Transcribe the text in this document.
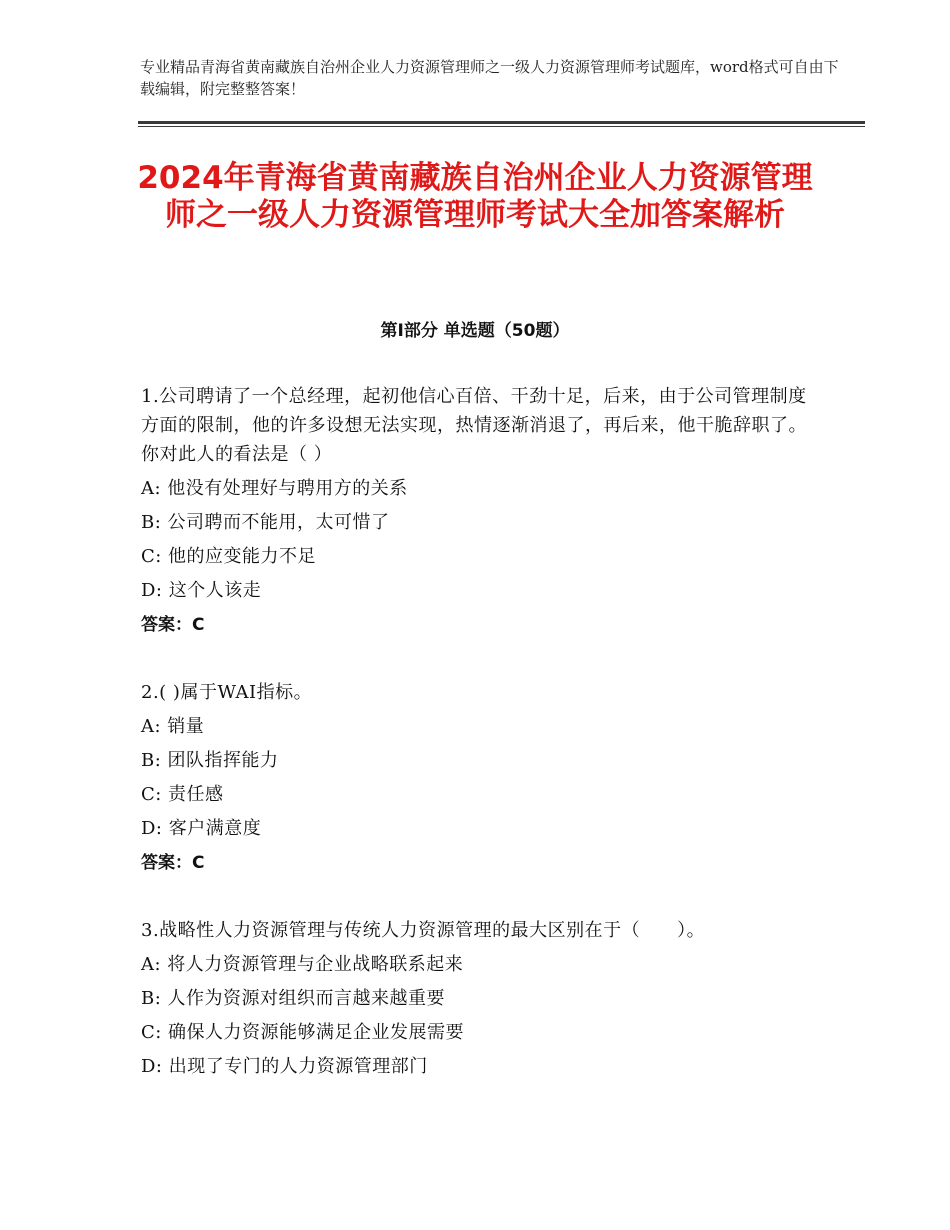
专业精品青海省黄南藏族自治州企业人力资源管理师之一级人力资源管理师考试题库，word格式可自由下载编辑，附完整整答案！
2024年青海省黄南藏族自治州企业人力资源管理师之一级人力资源管理师考试大全加答案解析
第Ⅰ部分 单选题（50题）
1.公司聘请了一个总经理，起初他信心百倍、干劲十足，后来，由于公司管理制度方面的限制，他的许多设想无法实现，热情逐渐消退了，再后来，他干脆辞职了。你对此人的看法是（ ）
A: 他没有处理好与聘用方的关系
B: 公司聘而不能用，太可惜了
C: 他的应变能力不足
D: 这个人该走
答案：C
2.( )属于WAI指标。
A: 销量
B: 团队指挥能力
C: 责任感
D: 客户满意度
答案：C
3.战略性人力资源管理与传统人力资源管理的最大区别在于（　　）。
A: 将人力资源管理与企业战略联系起来
B: 人作为资源对组织而言越来越重要
C: 确保人力资源能够满足企业发展需要
D: 出现了专门的人力资源管理部门
